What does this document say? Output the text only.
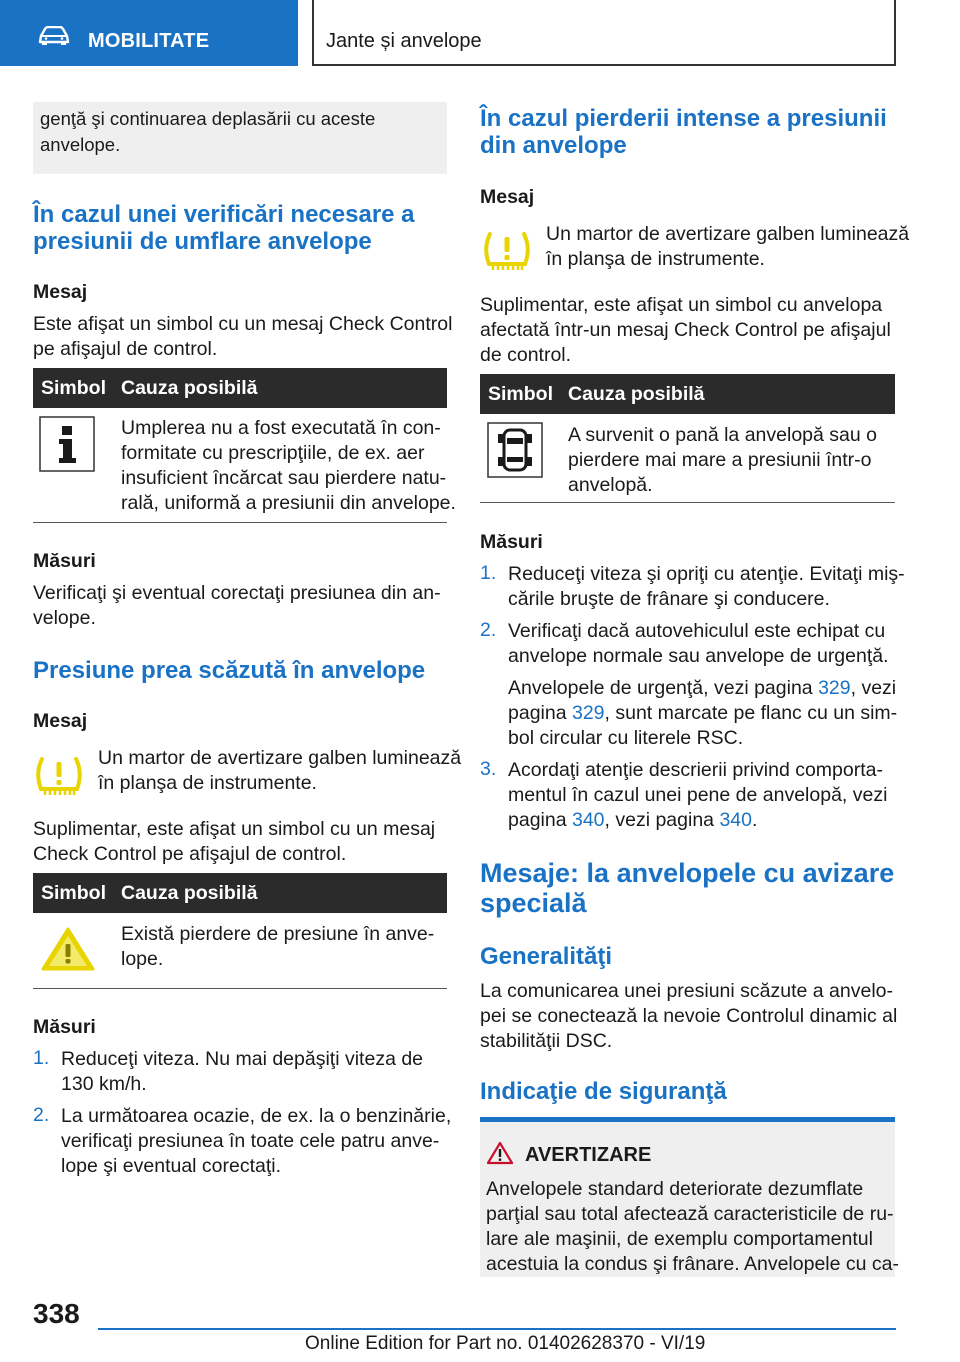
MOBILITATE	Jante și anvelope
genţă şi continuarea deplasării cu aceste anvelope.
În cazul unei verificări necesare a
presiunii de umflare anvelope
Mesaj
Este afişat un simbol cu un mesaj Check Control
pe afişajul de control.
Simbol Cauza posibilă
Umplerea nu a fost executată în con-
formitate cu prescripţiile, de ex. aer
insuficient încărcat sau pierdere natu-
rală, uniformă a presiunii din anvelope.
Măsuri
Verificaţi şi eventual corectaţi presiunea din an-
velope.
Presiune prea scăzută în anvelope
Mesaj
Un martor de avertizare galben luminează
în planşa de instrumente.
Suplimentar, este afişat un simbol cu un mesaj
Check Control pe afişajul de control.
Simbol Cauza posibilă
Există pierdere de presiune în anve-
lope.
Măsuri
1. Reduceţi viteza. Nu mai depăşiţi viteza de
130 km/h.
2. La următoarea ocazie, de ex. la o benzinărie,
verificaţi presiunea în toate cele patru anve-
lope şi eventual corectaţi.
În cazul pierderii intense a presiunii
din anvelope
Mesaj
Un martor de avertizare galben luminează
în planşa de instrumente.
Suplimentar, este afişat un simbol cu anvelopa
afectată într-un mesaj Check Control pe afişajul
de control.
Simbol Cauza posibilă
A survenit o pană la anvelopă sau o
pierdere mai mare a presiunii într-o
anvelopă.
Măsuri
1. Reduceţi viteza şi opriţi cu atenţie. Evitaţi miş-
cările bruşte de frânare şi conducere.
2. Verificaţi dacă autovehiculul este echipat cu
anvelope normale sau anvelope de urgenţă.
Anvelopele de urgenţă, vezi pagina 329, vezi
pagina 329, sunt marcate pe flanc cu un sim-
bol circular cu literele RSC.
3. Acordaţi atenţie descrierii privind comporta-
mentul în cazul unei pene de anvelopă, vezi
pagina 340, vezi pagina 340.
Mesaje: la anvelopele cu avizare
specială
Generalităţi
La comunicarea unei presiuni scăzute a anvelo-
pei se conectează la nevoie Controlul dinamic al
stabilităţii DSC.
Indicaţie de siguranţă
AVERTIZARE
Anvelopele standard deteriorate dezumflate
parţial sau total afectează caracteristicile de ru-
lare ale maşinii, de exemplu comportamentul
acestuia la condus şi frânare. Anvelopele cu ca-
338
Online Edition for Part no. 01402628370 - VI/19
